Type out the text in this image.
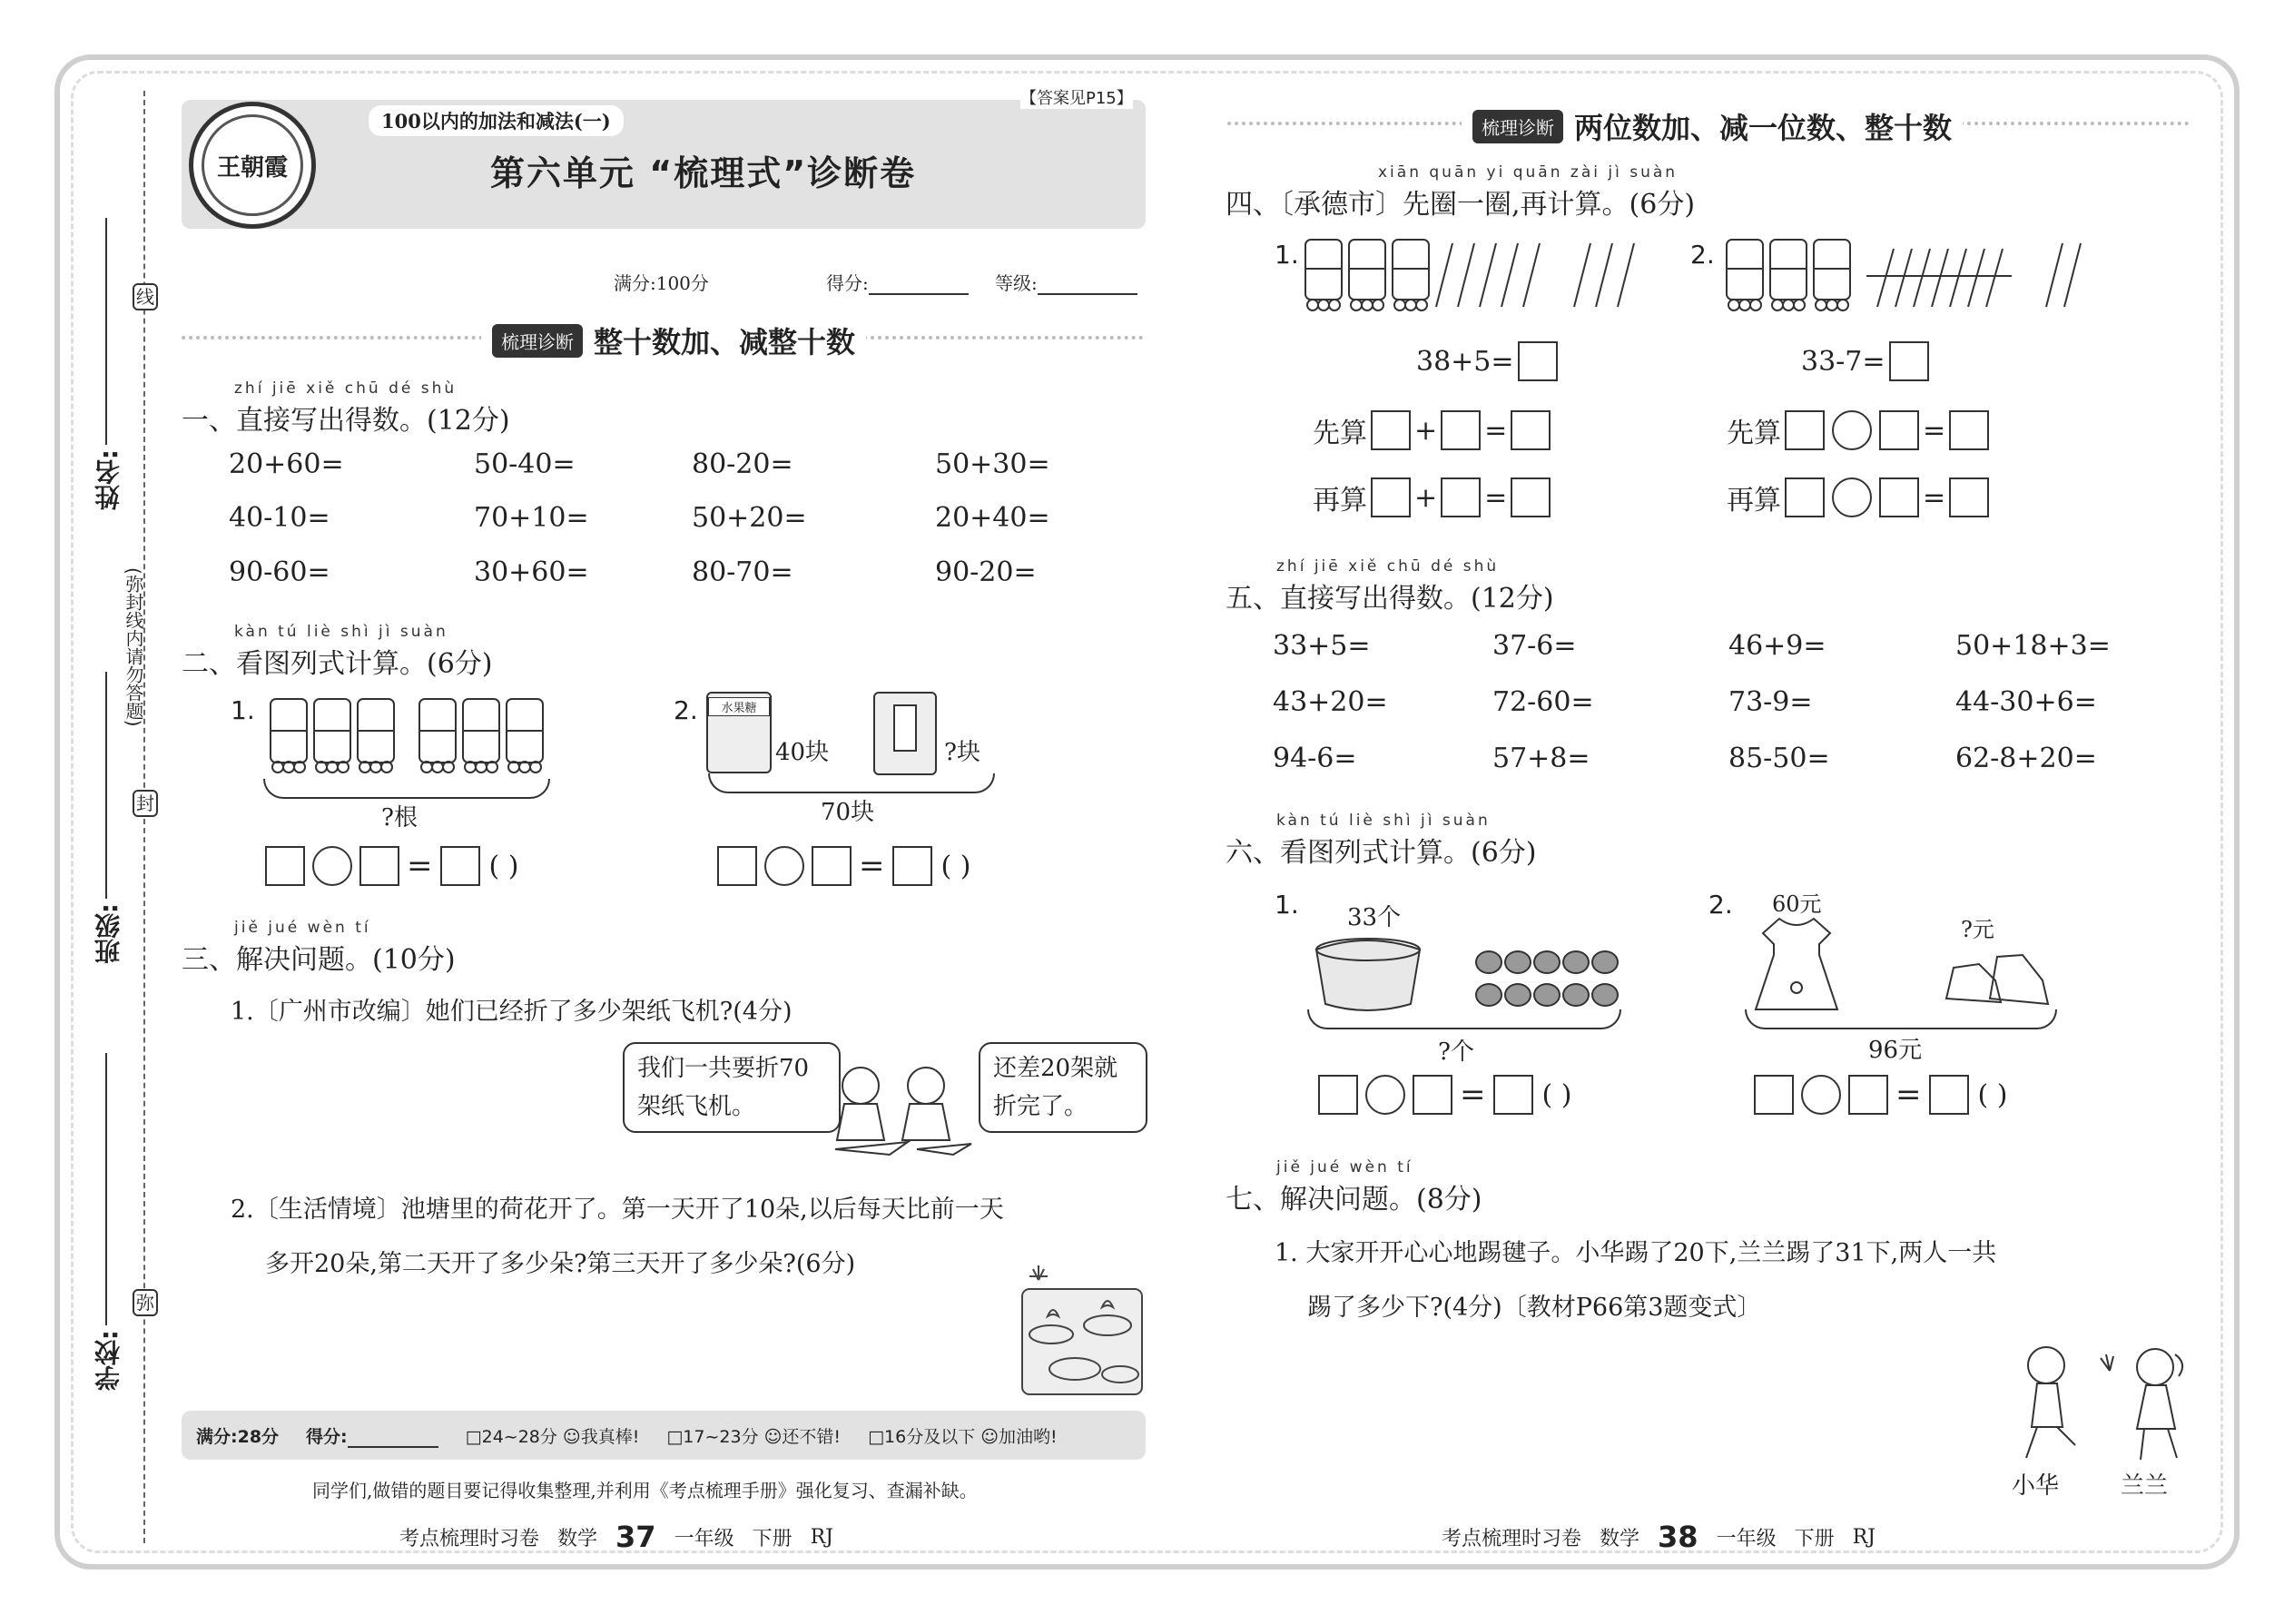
线
封
弥
(弥封线内请勿答题)
姓名:
班级:
学校:
王朝霞
100以内的加法和减法(一)
【答案见P15】
第六单元 “梳理式”诊断卷
满分:100分	得分:	等级:
梳理诊断 整十数加、减整十数
zhí jiē xiě chū dé shù
一、直接写出得数。(12分)
20+60=	50-40=	80-20=	50+30=
40-10=	70+10=	50+20=	20+40=
90-60=	30+60=	80-70=	90-20=
kàn tú liè shì jì suàn
二、看图列式计算。(6分)
1.
?根
= ( )
2.	水果糖
40块	?块
70块
= ( )
jiě jué wèn tí
三、解决问题。(10分)
1.〔广州市改编〕她们已经折了多少架纸飞机?(4分)
我们一共要折70架纸飞机。
还差20架就折完了。
2.〔生活情境〕池塘里的荷花开了。第一天开了10朵,以后每天比前一天
多开20朵,第二天开了多少朵?第三天开了多少朵?(6分)
满分:28分 得分:	□24~28分 ☺我真棒! □17~23分 ☺还不错! □16分及以下 ☺加油哟!
同学们,做错的题目要记得收集整理,并利用《考点梳理手册》强化复习、查漏补缺。
考点梳理时习卷 数学 37 一年级 下册 RJ
梳理诊断 两位数加、减一位数、整十数
xiān quān yi quān zài jì suàn
四、〔承德市〕先圈一圈,再计算。(6分)
1.
38+5=
先算 + =
再算 + =
2.
33-7=
先算	=
再算	=
zhí jiē xiě chū dé shù
五、直接写出得数。(12分)
33+5=	37-6=	46+9=	50+18+3=
43+20=	72-60=	73-9=	44-30+6=
94-6=	57+8=	85-50=	62-8+20=
kàn tú liè shì jì suàn
六、看图列式计算。(6分)
1. 33个
?个
= ( )
2. 60元
?元
96元
= ( )
jiě jué wèn tí
七、解决问题。(8分)
1. 大家开开心心地踢毽子。小华踢了20下,兰兰踢了31下,两人一共
踢了多少下?(4分)〔教材P66第3题变式〕
小华	兰兰
考点梳理时习卷 数学 38 一年级 下册 RJ
